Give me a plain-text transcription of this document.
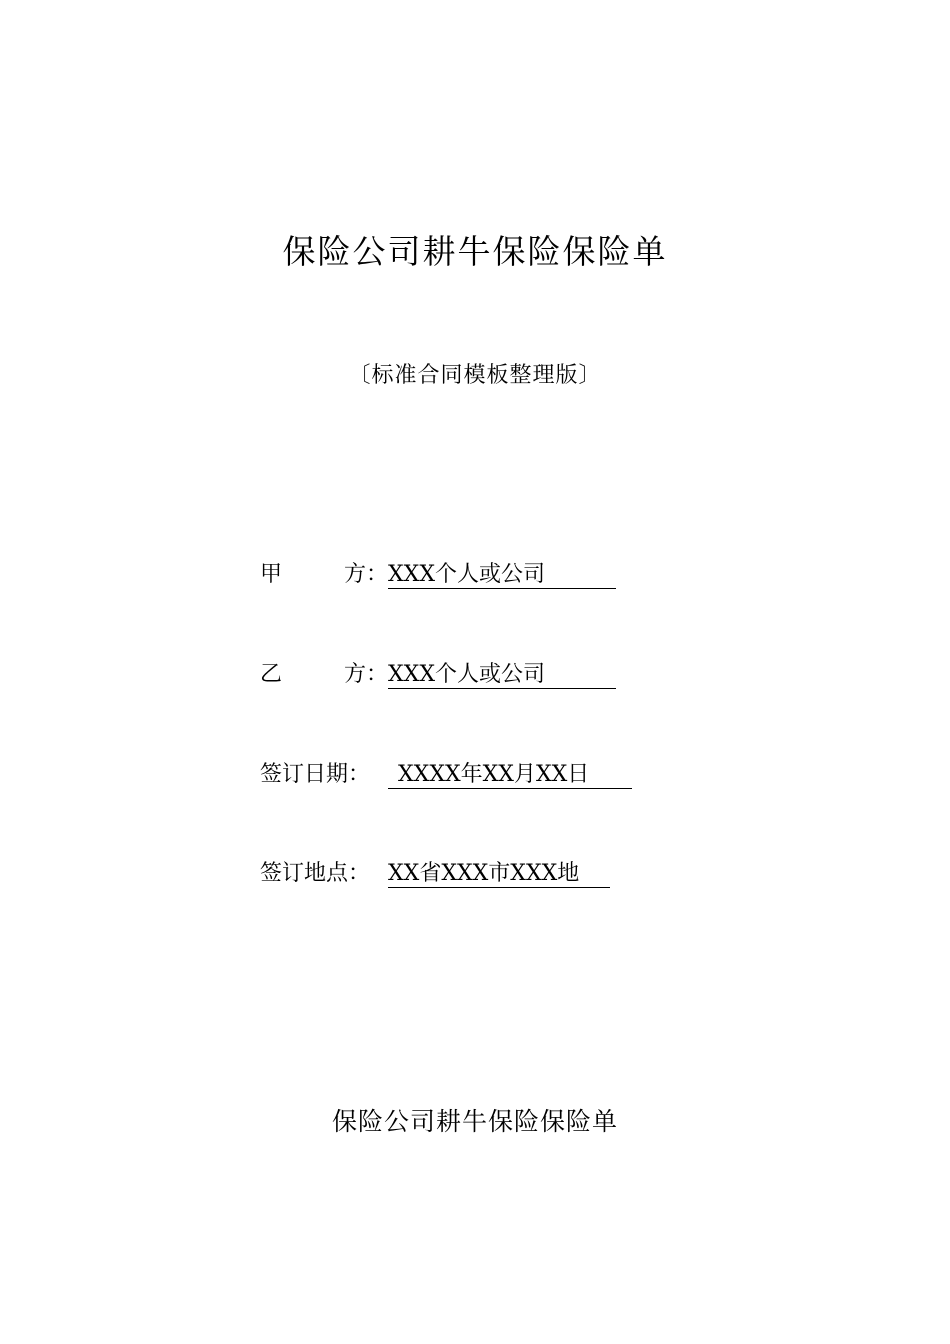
保险公司耕牛保险保险单
〔标准合同模板整理版〕
甲	方： XXX个人或公司
乙	方： XXX个人或公司
签订日期： XXXX年XX月XX日
签订地点： XX省XXX市XXX地
保险公司耕牛保险保险单
